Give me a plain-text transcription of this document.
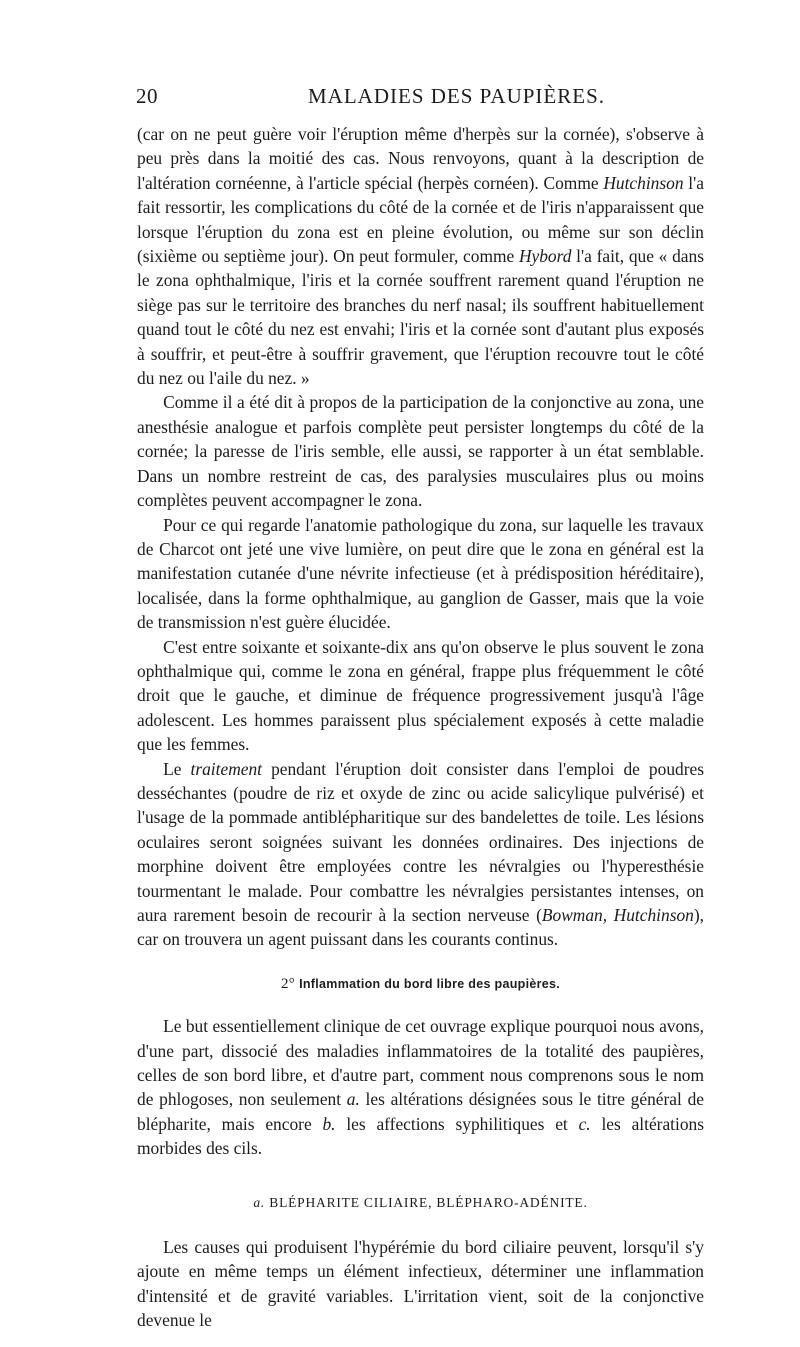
20	MALADIES DES PAUPIÈRES.

(car on ne peut guère voir l'éruption même d'herpès sur la cornée), s'observe à peu près dans la moitié des cas. Nous renvoyons, quant à la description de l'altération cornéenne, à l'article spécial (herpès cornéen). Comme Hutchinson l'a fait ressortir, les complications du côté de la cornée et de l'iris n'apparaissent que lorsque l'éruption du zona est en pleine évolution, ou même sur son déclin (sixième ou septième jour). On peut formuler, comme Hybord l'a fait, que « dans le zona ophthalmique, l'iris et la cornée souffrent rarement quand l'éruption ne siège pas sur le territoire des branches du nerf nasal; ils souffrent habituellement quand tout le côté du nez est envahi; l'iris et la cornée sont d'autant plus exposés à souffrir, et peut-être à souffrir gravement, que l'éruption recouvre tout le côté du nez ou l'aile du nez. »

Comme il a été dit à propos de la participation de la conjonctive au zona, une anesthésie analogue et parfois complète peut persister longtemps du côté de la cornée; la paresse de l'iris semble, elle aussi, se rapporter à un état semblable. Dans un nombre restreint de cas, des paralysies musculaires plus ou moins complètes peuvent accompagner le zona.

Pour ce qui regarde l'anatomie pathologique du zona, sur laquelle les travaux de Charcot ont jeté une vive lumière, on peut dire que le zona en général est la manifestation cutanée d'une névrite infectieuse (et à prédisposition héréditaire), localisée, dans la forme ophthalmique, au ganglion de Gasser, mais que la voie de transmission n'est guère élucidée.

C'est entre soixante et soixante-dix ans qu'on observe le plus souvent le zona ophthalmique qui, comme le zona en général, frappe plus fréquemment le côté droit que le gauche, et diminue de fréquence progressivement jusqu'à l'âge adolescent. Les hommes paraissent plus spécialement exposés à cette maladie que les femmes.

Le traitement pendant l'éruption doit consister dans l'emploi de poudres desséchantes (poudre de riz et oxyde de zinc ou acide salicylique pulvérisé) et l'usage de la pommade antiblépharitique sur des bandelettes de toile. Les lésions oculaires seront soignées suivant les données ordinaires. Des injections de morphine doivent être employées contre les névralgies ou l'hyperesthésie tourmentant le malade. Pour combattre les névralgies persistantes intenses, on aura rarement besoin de recourir à la section nerveuse (Bowman, Hutchinson), car on trouvera un agent puissant dans les courants continus.

2° Inflammation du bord libre des paupières.

Le but essentiellement clinique de cet ouvrage explique pourquoi nous avons, d'une part, dissocié des maladies inflammatoires de la totalité des paupières, celles de son bord libre, et d'autre part, comment nous comprenons sous le nom de phlogoses, non seulement a. les altérations désignées sous le titre général de blépharite, mais encore b. les affections syphilitiques et c. les altérations morbides des cils.

a. BLÉPHARITE CILIAIRE, BLÉPHARO-ADÉNITE.

Les causes qui produisent l'hypérémie du bord ciliaire peuvent, lorsqu'il s'y ajoute en même temps un élément infectieux, déterminer une inflammation d'intensité et de gravité variables. L'irritation vient, soit de la conjonctive devenue le
